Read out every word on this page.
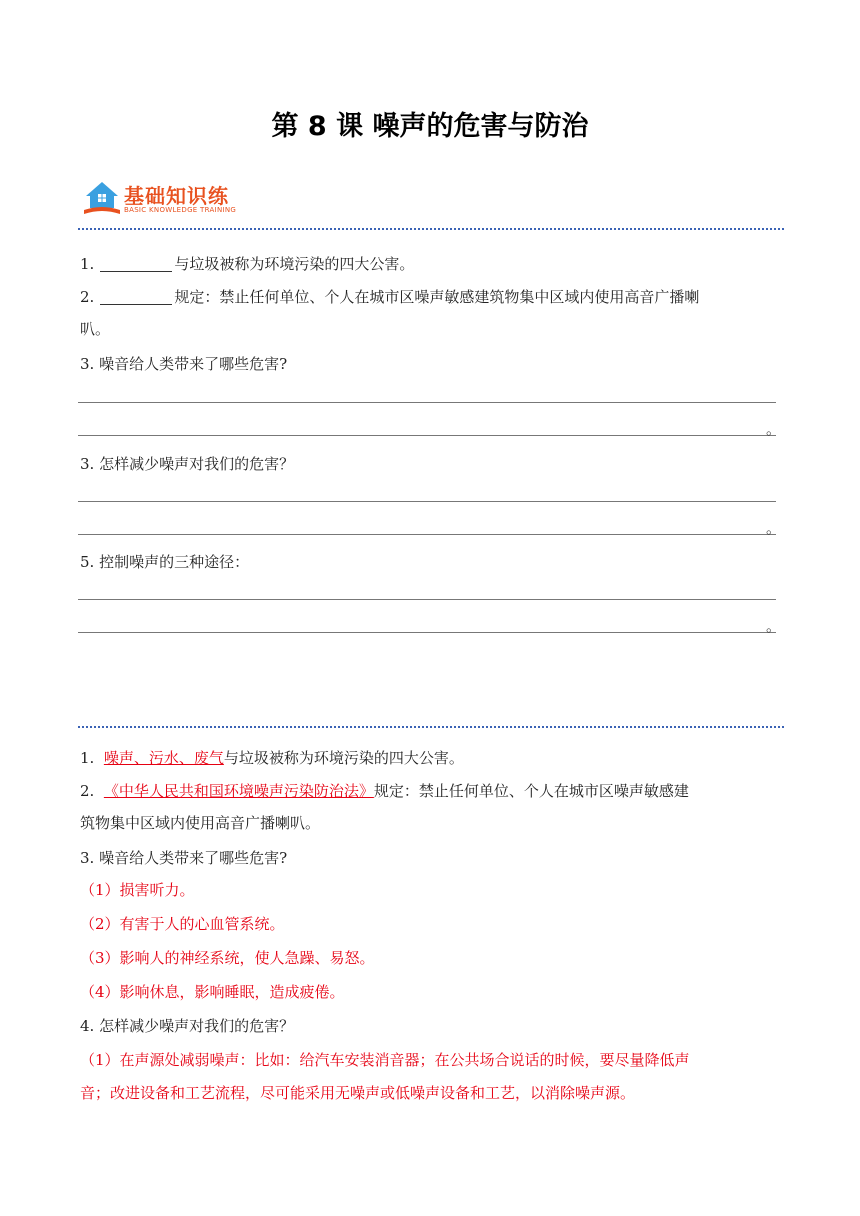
第 8 课 噪声的危害与防治
基础知识练
BASIC KNOWLEDGE TRAINING
1.	与垃圾被称为环境污染的四大公害。
2.	规定：禁止任何单位、个人在城市区噪声敏感建筑物集中区域内使用高音广播喇
叭。
3. 噪音给人类带来了哪些危害?
。
3. 怎样减少噪声对我们的危害？
。
5. 控制噪声的三种途径：
。
1. 噪声、污水、废气与垃圾被称为环境污染的四大公害。
2. 《中华人民共和国环境噪声污染防治法》规定：禁止任何单位、个人在城市区噪声敏感建
筑物集中区域内使用高音广播喇叭。
3. 噪音给人类带来了哪些危害?
（1）损害听力。
（2）有害于人的心血管系统。
（3）影响人的神经系统，使人急躁、易怒。
（4）影响休息，影响睡眠，造成疲倦。
4. 怎样减少噪声对我们的危害？
（1）在声源处减弱噪声：比如：给汽车安装消音器；在公共场合说话的时候，要尽量降低声
音；改进设备和工艺流程，尽可能采用无噪声或低噪声设备和工艺，以消除噪声源。
